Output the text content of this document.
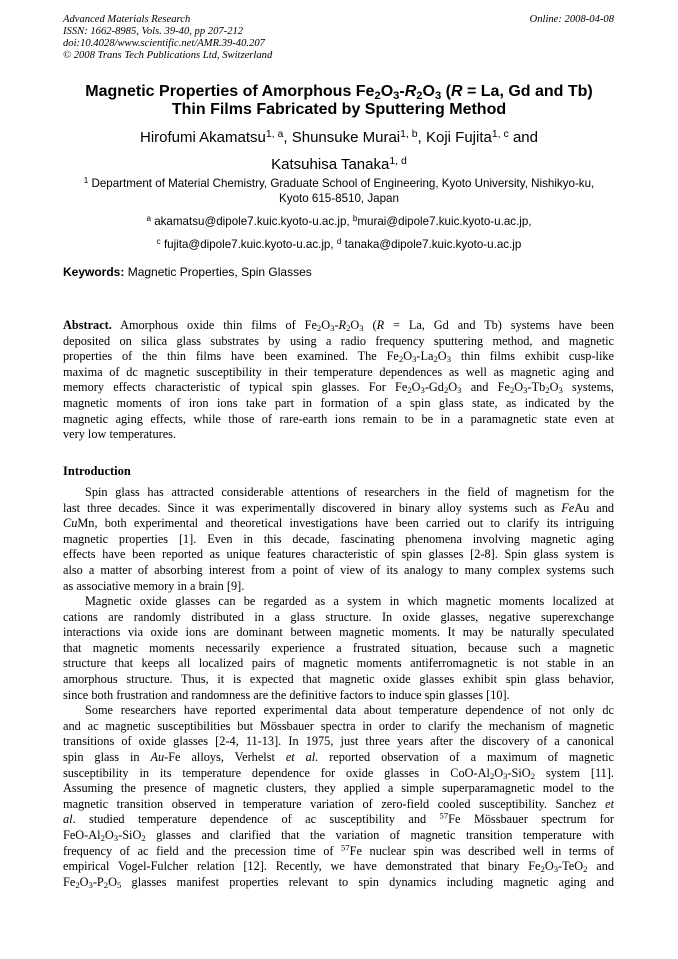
Advanced Materials Research
ISSN: 1662-8985, Vols. 39-40, pp 207-212
doi:10.4028/www.scientific.net/AMR.39-40.207
© 2008 Trans Tech Publications Ltd, Switzerland
Online: 2008-04-08
Magnetic Properties of Amorphous $Fe_2O_3-R_2O_3$ (R = La, Gd and Tb)
Thin Films Fabricated by Sputtering Method
Hirofumi Akamatsu$^{1, a}$, Shunsuke Murai$^{1, b}$, Koji Fujita$^{1, c}$ and
Katsuhisa Tanaka$^{1, d}$
$^1$ Department of Material Chemistry, Graduate School of Engineering, Kyoto University, Nishikyo-ku,
Kyoto 615-8510, Japan
$^a$ akamatsu@dipole7.kuic.kyoto-u.ac.jp, $^b$murai@dipole7.kuic.kyoto-u.ac.jp,
$^c$ fujita@dipole7.kuic.kyoto-u.ac.jp, $^d$ tanaka@dipole7.kuic.kyoto-u.ac.jp
Keywords: Magnetic Properties, Spin Glasses
Abstract. Amorphous oxide thin films of $Fe_2O_3-R_2O_3$ (R = La, Gd and Tb) systems have been
deposited on silica glass substrates by using a radio frequency sputtering method, and magnetic
properties of the thin films have been examined. The $Fe_2O_3-La_2O_3$ thin films exhibit cusp-like
maxima of dc magnetic susceptibility in their temperature dependences as well as magnetic aging and
memory effects characteristic of typical spin glasses. For $Fe_2O_3-Gd_2O_3$ and $Fe_2O_3-Tb_2O_3$ systems,
magnetic moments of iron ions take part in formation of a spin glass state, as indicated by the
magnetic aging effects, while those of rare-earth ions remain to be in a paramagnetic state even at
very low temperatures.
Introduction
Spin glass has attracted considerable attentions of researchers in the field of magnetism for the
last three decades. Since it was experimentally discovered in binary alloy systems such as FeAu and
CuMn, both experimental and theoretical investigations have been carried out to clarify its intriguing
magnetic properties [1]. Even in this decade, fascinating phenomena involving magnetic aging
effects have been reported as unique features characteristic of spin glasses [2-8]. Spin glass system is
also a matter of absorbing interest from a point of view of its analogy to many complex systems such
as associative memory in a brain [9].
Magnetic oxide glasses can be regarded as a system in which magnetic moments localized at
cations are randomly distributed in a glass structure. In oxide glasses, negative superexchange
interactions via oxide ions are dominant between magnetic moments. It may be naturally speculated
that magnetic moments necessarily experience a frustrated situation, because such a magnetic
structure that keeps all localized pairs of magnetic moments antiferromagnetic is not stable in an
amorphous structure. Thus, it is expected that magnetic oxide glasses exhibit spin glass behavior,
since both frustration and randomness are the definitive factors to induce spin glasses [10].
Some researchers have reported experimental data about temperature dependence of not only dc
and ac magnetic susceptibilities but Mössbauer spectra in order to clarify the mechanism of magnetic
transitions of oxide glasses [2-4, 11-13]. In 1975, just three years after the discovery of a canonical
spin glass in Au-Fe alloys, Verhelst et al. reported observation of a maximum of magnetic
susceptibility in its temperature dependence for oxide glasses in CoO-$Al_2O_3-SiO_2$ system [11].
Assuming the presence of magnetic clusters, they applied a simple superparamagnetic model to the
magnetic transition observed in temperature variation of zero-field cooled susceptibility. Sanchez et
al. studied temperature dependence of ac susceptibility and $^{57}$Fe Mössbauer spectrum for
FeO-$Al_2O_3-SiO_2$ glasses and clarified that the variation of magnetic transition temperature with
frequency of ac field and the precession time of $^{57}$Fe nuclear spin was described well in terms of
empirical Vogel-Fulcher relation [12]. Recently, we have demonstrated that binary $Fe_2O_3-TeO_2$ and
$Fe_2O_3-P_2O_5$ glasses manifest properties relevant to spin dynamics including magnetic aging and
